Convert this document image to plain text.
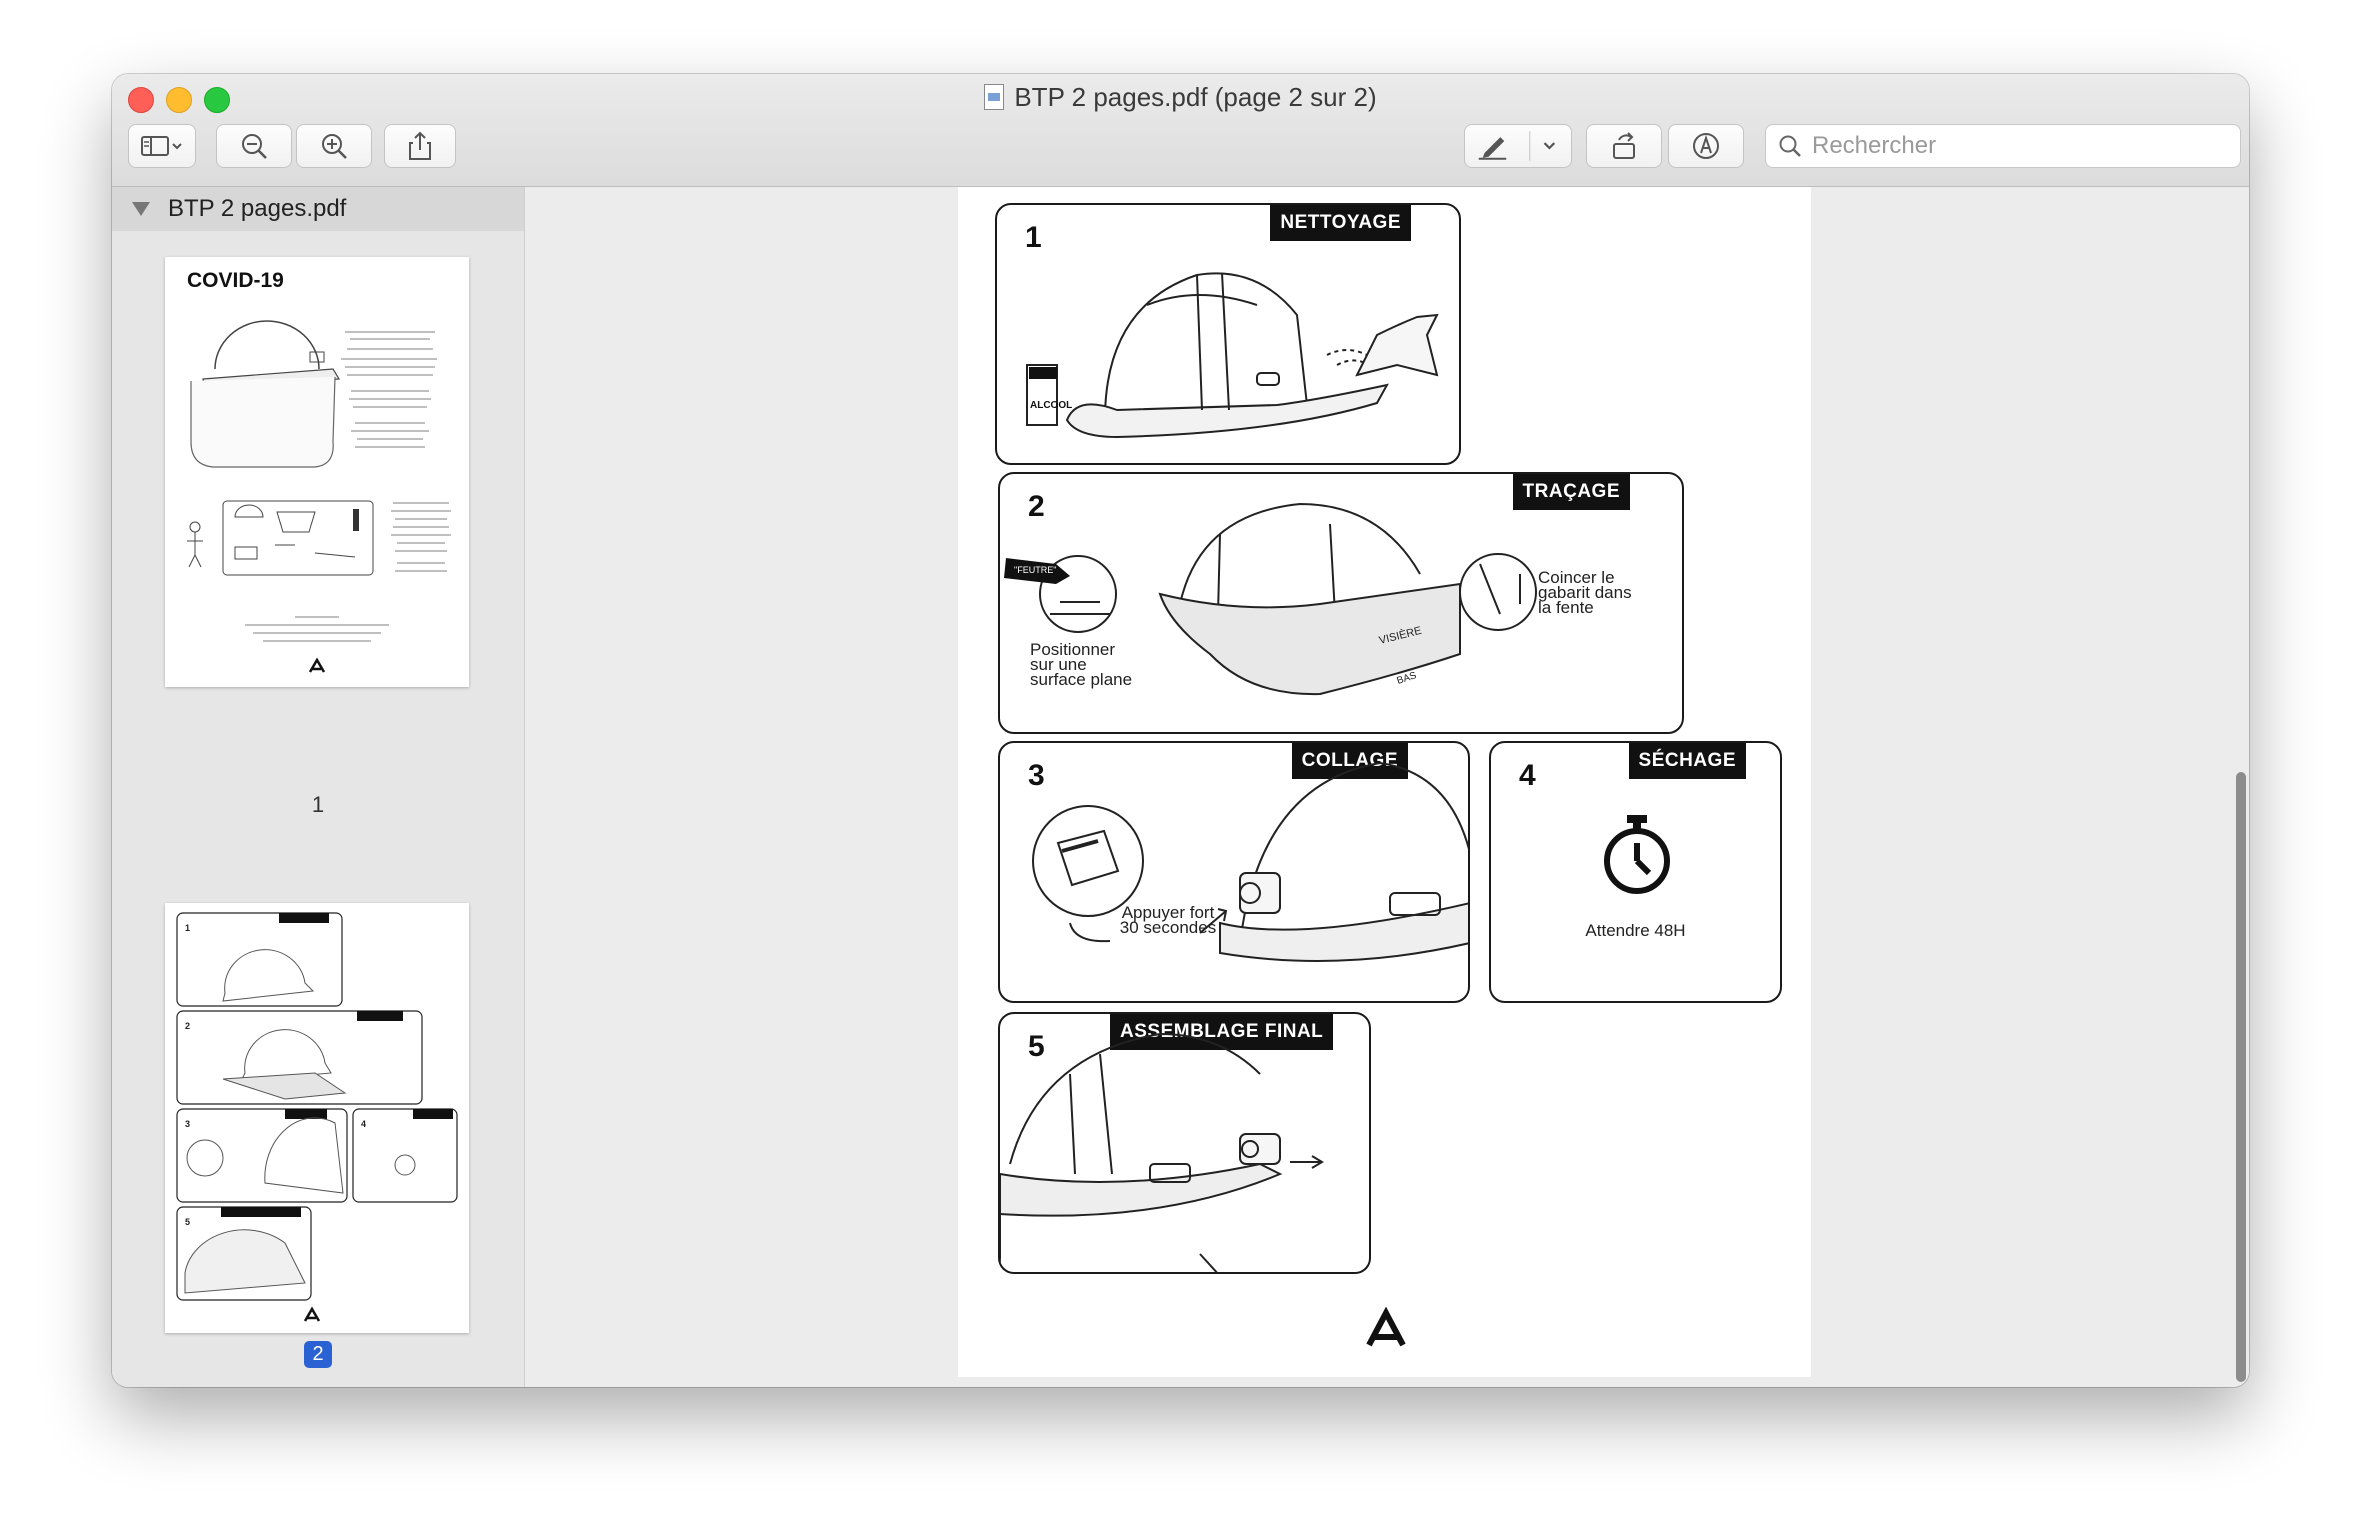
BTP 2 pages.pdf (page 2 sur 2)
Rechercher
BTP 2 pages.pdf
COVID-19
1
1
2
3	4
5
2
1	NETTOYAGE
ALCOOL
2	TRAÇAGE
"FEUTRE"
VISIÈRE
BAS
Positionner sur une surface plane
Coincer le gabarit dans la fente
3	COLLAGE
Appuyer fort 30 secondes
4	SÉCHAGE
Attendre 48H
5	ASSEMBLAGE FINAL
